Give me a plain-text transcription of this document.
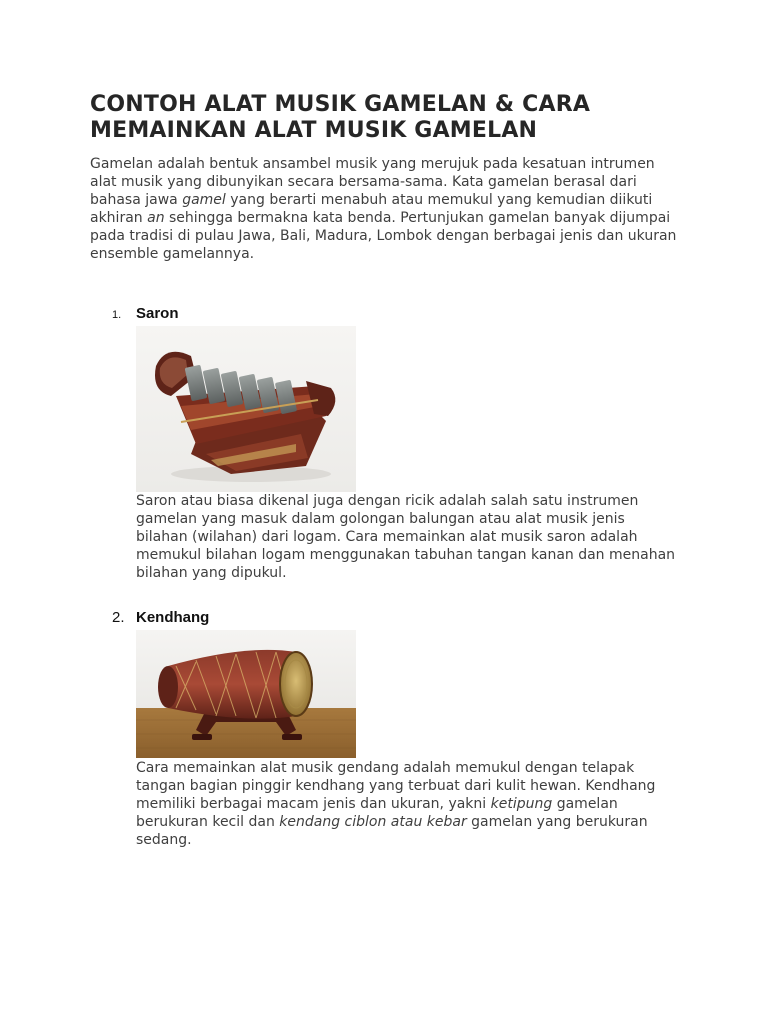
CONTOH ALAT MUSIK GAMELAN & CARA MEMAINKAN ALAT MUSIK GAMELAN

Gamelan adalah bentuk ansambel musik yang merujuk pada kesatuan intrumen alat musik yang dibunyikan secara bersama-sama. Kata gamelan berasal dari bahasa jawa gamel yang berarti menabuh atau memukul yang kemudian diikuti akhiran an sehingga bermakna kata benda. Pertunjukan gamelan banyak dijumpai pada tradisi di pulau Jawa, Bali, Madura, Lombok dengan berbagai jenis dan ukuran ensemble gamelannya.

1. Saron

Saron atau biasa dikenal juga dengan ricik adalah salah satu instrumen gamelan yang masuk dalam golongan balungan atau alat musik jenis bilahan (wilahan) dari logam. Cara memainkan alat musik saron adalah memukul bilahan logam menggunakan tabuhan tangan kanan dan menahan bilahan yang dipukul.

2. Kendhang

Cara memainkan alat musik gendang adalah memukul dengan telapak tangan bagian pinggir kendhang yang terbuat dari kulit hewan. Kendhang memiliki berbagai macam jenis dan ukuran, yakni ketipung gamelan berukuran kecil dan kendang ciblon atau kebar gamelan yang berukuran sedang.
